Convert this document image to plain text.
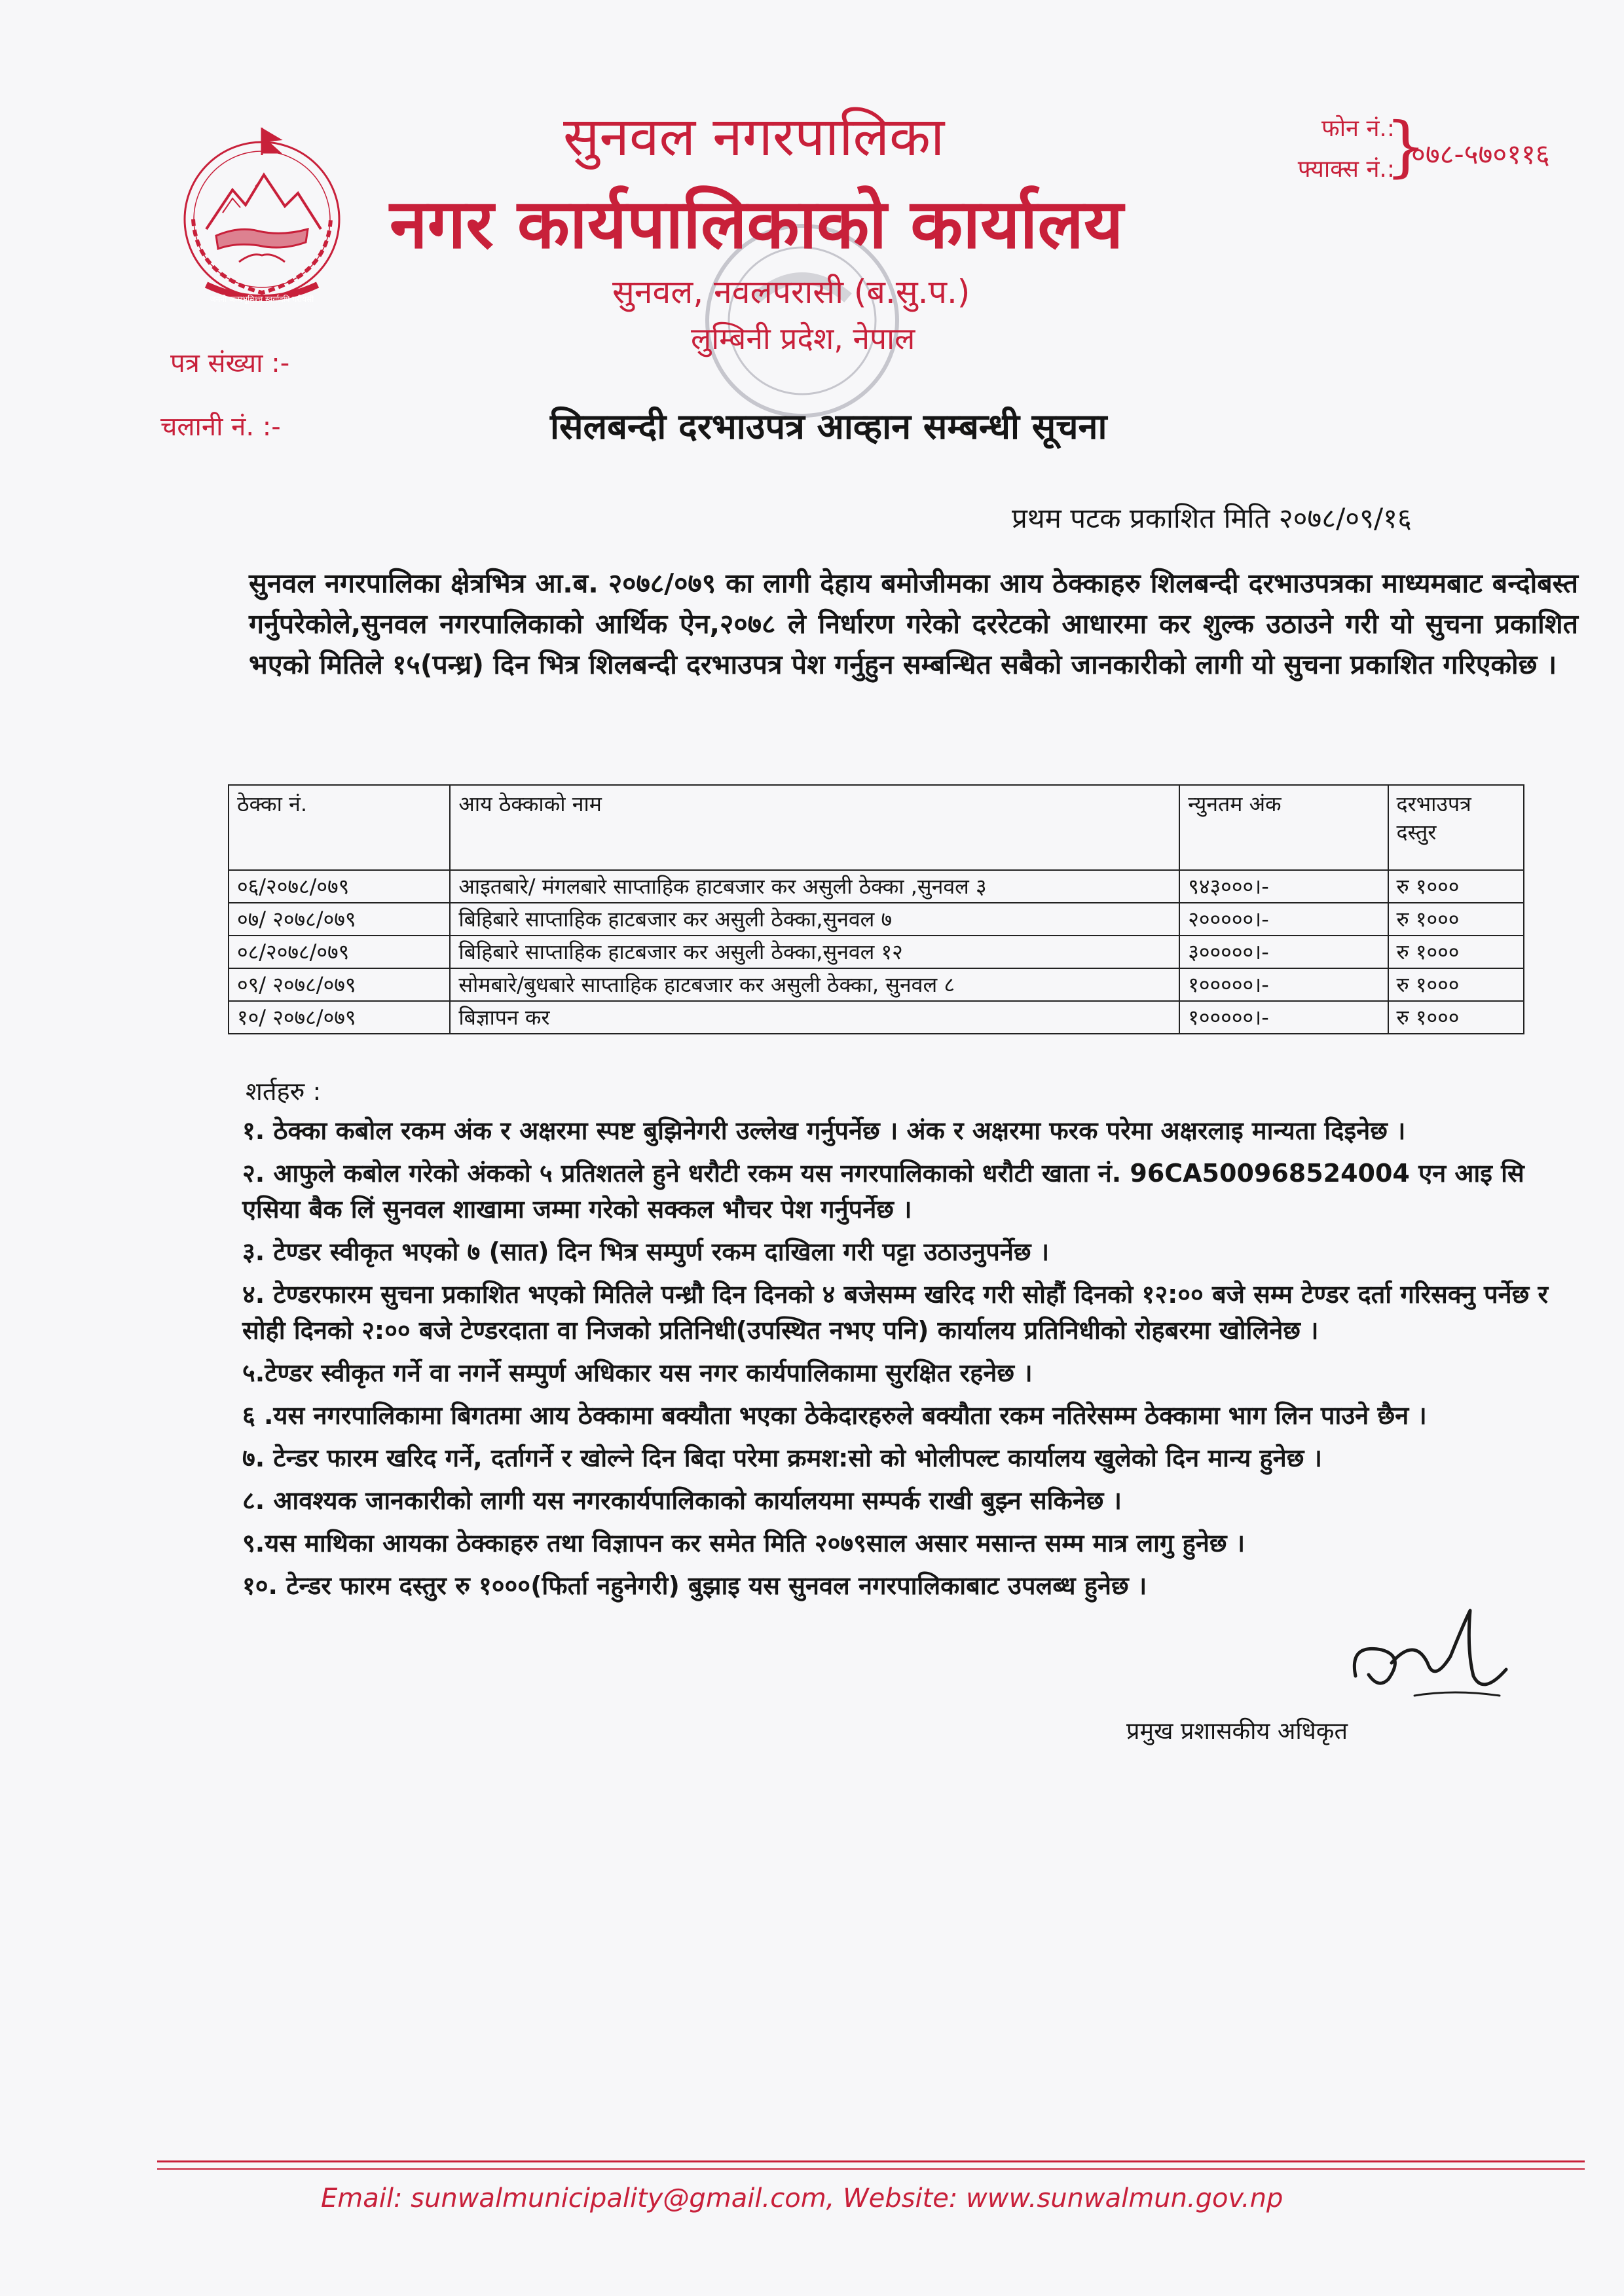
जननी जन्मभूमिश्च स्वर्गादपि गरीयसी
सुनवल नगरपालिका
नगर कार्यपालिकाको कार्यालय
सुनवल, नवलपरासी (ब.सु.प.)
लुम्बिनी प्रदेश, नेपाल
फोन नं.:
फ्याक्स नं.:
}
०७८-५७०११६
पत्र संख्या :-
चलानी नं. :-	सिलबन्दी दरभाउपत्र आव्हान सम्बन्धी सूचना
प्रथम पटक प्रकाशित मिति २०७८/०९/१६
सुनवल नगरपालिका क्षेत्रभित्र आ.ब. २०७८/०७९ का लागी देहाय बमोजीमका आय ठेक्काहरु शिलबन्दी दरभाउपत्रका माध्यमबाट बन्दोबस्त गर्नुपरेकोले,सुनवल नगरपालिकाको आर्थिक ऐन,२०७८ ले निर्धारण गरेको दररेटको आधारमा कर शुल्क उठाउने गरी यो सुचना प्रकाशित भएको मितिले १५(पन्ध्र) दिन भित्र शिलबन्दी दरभाउपत्र पेश गर्नुहुन सम्बन्धित सबैको जानकारीको लागी यो सुचना प्रकाशित गरिएकोछ ।
ठेक्का नं.	आय ठेक्काको नाम	न्युनतम अंक	दरभाउपत्र
दस्तुर

०६/२०७८/०७९	आइतबारे/ मंगलबारे साप्ताहिक हाटबजार कर असुली ठेक्का ,सुनवल ३	९४३०००।-	रु १०००
०७/ २०७८/०७९	बिहिबारे साप्ताहिक हाटबजार कर असुली ठेक्का,सुनवल ७	२०००००।-	रु १०००
०८/२०७८/०७९	बिहिबारे साप्ताहिक हाटबजार कर असुली ठेक्का,सुनवल १२	३०००००।-	रु १०००
०९/ २०७८/०७९	सोमबारे/बुधबारे साप्ताहिक हाटबजार कर असुली ठेक्का, सुनवल ८	१०००००।-	रु १०००
१०/ २०७८/०७९	बिज्ञापन कर	१०००००।-	रु १०००
शर्तहरु :
१. ठेक्का कबोल रकम अंक र अक्षरमा स्पष्ट बुझिनेगरी उल्लेख गर्नुपर्नेछ । अंक र अक्षरमा फरक परेमा अक्षरलाइ मान्यता दिइनेछ ।
२. आफुले कबोल गरेको अंकको ५ प्रतिशतले हुने धरौटी रकम यस नगरपालिकाको धरौटी खाता नं. 96CA500968524004 एन आइ सि एसिया बैक लिं सुनवल शाखामा जम्मा गरेको सक्कल भौचर पेश गर्नुपर्नेछ ।
३. टेण्डर स्वीकृत भएको ७ (सात) दिन भित्र सम्पुर्ण रकम दाखिला गरी पट्टा उठाउनुपर्नेछ ।
४. टेण्डरफारम सुचना प्रकाशित भएको मितिले पन्ध्रौ दिन दिनको ४ बजेसम्म खरिद गरी सोहौं दिनको १२:०० बजे सम्म टेण्डर दर्ता गरिसक्नु पर्नेछ र सोही दिनको २:०० बजे टेण्डरदाता वा निजको प्रतिनिधी(उपस्थित नभए पनि) कार्यालय प्रतिनिधीको रोहबरमा खोलिनेछ ।
५.टेण्डर स्वीकृत गर्ने वा नगर्ने सम्पुर्ण अधिकार यस नगर कार्यपालिकामा सुरक्षित रहनेछ ।
६ .यस नगरपालिकामा बिगतमा आय ठेक्कामा बक्यौता भएका ठेकेदारहरुले बक्यौता रकम नतिरेसम्म ठेक्कामा भाग लिन पाउने छैन ।
७. टेन्डर फारम खरिद गर्ने, दर्तागर्ने र खोल्ने दिन बिदा परेमा क्रमश:सो को भोलीपल्ट कार्यालय खुलेको दिन मान्य हुनेछ ।
८. आवश्यक जानकारीको लागी यस नगरकार्यपालिकाको कार्यालयमा सम्पर्क राखी बुझ्न सकिनेछ ।
९.यस माथिका आयका ठेक्काहरु तथा विज्ञापन कर समेत मिति २०७९साल असार मसान्त सम्म मात्र लागु हुनेछ ।
१०. टेन्डर फारम दस्तुर रु १०००(फिर्ता नहुनेगरी) बुझाइ यस सुनवल नगरपालिकाबाट उपलब्ध हुनेछ ।
प्रमुख प्रशासकीय अधिकृत
Email: sunwalmunicipality@gmail.com, Website: www.sunwalmun.gov.np
